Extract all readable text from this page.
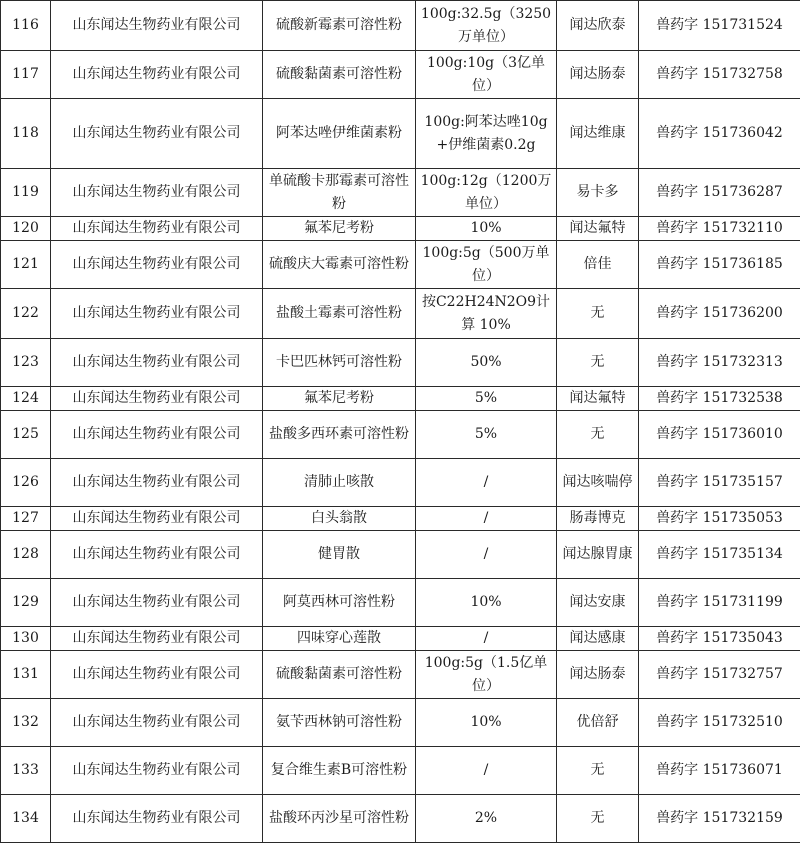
116	山东闻达生物药业有限公司	硫酸新霉素可溶性粉	100g:32.5g（3250万单位）	闻达欣泰	兽药字 151731524
117	山东闻达生物药业有限公司	硫酸黏菌素可溶性粉	100g:10g（3亿单位）	闻达肠泰	兽药字 151732758
118	山东闻达生物药业有限公司	阿苯达唑伊维菌素粉	100g:阿苯达唑10g+伊维菌素0.2g	闻达维康	兽药字 151736042
119	山东闻达生物药业有限公司	单硫酸卡那霉素可溶性粉	100g:12g（1200万单位）	易卡多	兽药字 151736287
120	山东闻达生物药业有限公司	氟苯尼考粉	10%	闻达氟特	兽药字 151732110
121	山东闻达生物药业有限公司	硫酸庆大霉素可溶性粉	100g:5g（500万单位）	倍佳	兽药字 151736185
122	山东闻达生物药业有限公司	盐酸土霉素可溶性粉	按C22H24N2O9计算 10%	无	兽药字 151736200
123	山东闻达生物药业有限公司	卡巴匹林钙可溶性粉	50%	无	兽药字 151732313
124	山东闻达生物药业有限公司	氟苯尼考粉	5%	闻达氟特	兽药字 151732538
125	山东闻达生物药业有限公司	盐酸多西环素可溶性粉	5%	无	兽药字 151736010
126	山东闻达生物药业有限公司	清肺止咳散	/	闻达咳喘停	兽药字 151735157
127	山东闻达生物药业有限公司	白头翁散	/	肠毒博克	兽药字 151735053
128	山东闻达生物药业有限公司	健胃散	/	闻达腺胃康	兽药字 151735134
129	山东闻达生物药业有限公司	阿莫西林可溶性粉	10%	闻达安康	兽药字 151731199
130	山东闻达生物药业有限公司	四味穿心莲散	/	闻达感康	兽药字 151735043
131	山东闻达生物药业有限公司	硫酸黏菌素可溶性粉	100g:5g（1.5亿单位）	闻达肠泰	兽药字 151732757
132	山东闻达生物药业有限公司	氨苄西林钠可溶性粉	10%	优倍舒	兽药字 151732510
133	山东闻达生物药业有限公司	复合维生素B可溶性粉	/	无	兽药字 151736071
134	山东闻达生物药业有限公司	盐酸环丙沙星可溶性粉	2%	无	兽药字 151732159
